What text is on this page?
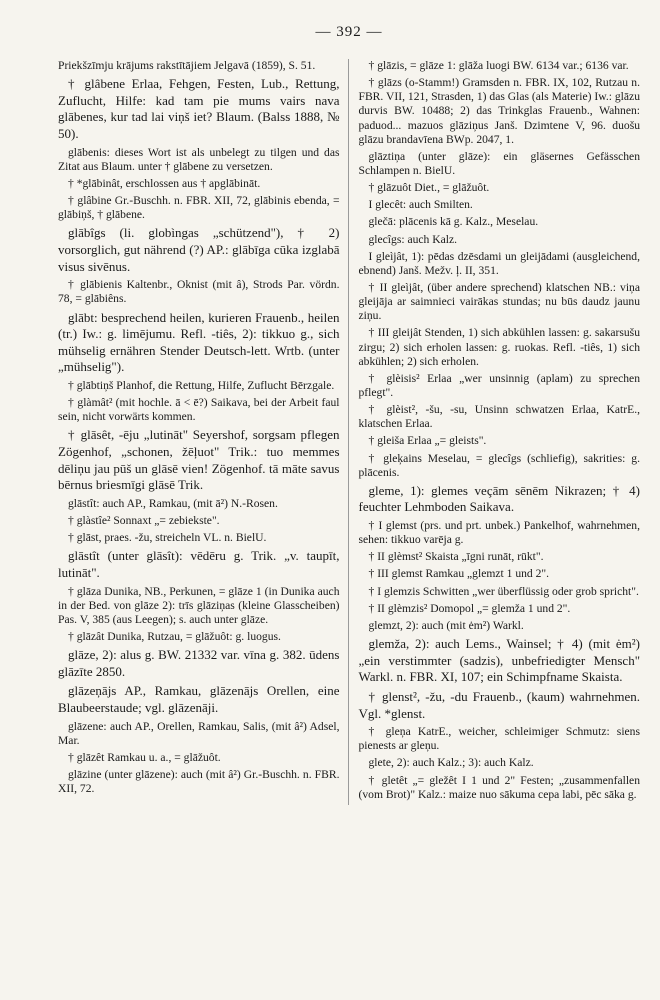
— 392 —

Priekšzīmju krājums rakstītājiem Jelgavā (1859), S. 51.

† glâbene Erlaa, Fehgen, Festen, Lub., Rettung, Zuflucht, Hilfe: kad tam pie mums vairs nava glābenes, kur tad lai viņš iet? Blaum. (Balss 1888, № 50).

glābenis: dieses Wort ist als unbelegt zu tilgen und das Zitat aus Blaum. unter † glābene zu versetzen.

† *glābinât, erschlossen aus † apglābināt.

† glâbine Gr.-Buschh. n. FBR. XII, 72, glābinis ebenda, = glābiņš, † glābene.

glābîgs (li. globìngas „schützend"), † 2) vorsorglich, gut nährend (?) AP.: glābīga cūka izglabā visus sivēnus.

† glābienis Kaltenbr., Oknist (mit â), Strods Par. vördn. 78, = glābiêns.

glābt: besprechend heilen, kurieren Frauenb., heilen (tr.) Iw.: g. limējumu. Refl. -tiês, 2): tikkuo g., sich mühselig ernähren Stender Deutsch-lett. Wrtb. (unter „mühselig").

† glābtiņš Planhof, die Rettung, Hilfe, Zuflucht Bērzgale.

† glàmât² (mit hochle. ā < ē?) Saikava, bei der Arbeit faul sein, nicht vorwärts kommen.

† glāsêt, -ēju „lutināt" Seyershof, sorgsam pflegen Zögenhof, „schonen, žēļuot" Trik.: tuo memmes dēliņu jau pūš un glāsē vien! Zögenhof. tā māte savus bērnus briesmīgi glāsē Trik.

glāstît: auch AP., Ramkau, (mit ā²) N.-Rosen.

† glàstîe² Sonnaxt „= zebiekste".

† glāst, praes. -žu, streicheln VL. n. BielU.

glāstît (unter glāsît): vēdēru g. Trik. „v. taupīt, lutināt".

† glāza Dunika, NB., Perkunen, = glāze 1 (in Dunika auch in der Bed. von glāze 2): trīs glāziņas (kleine Glasscheiben) Pas. V, 385 (aus Leegen); s. auch unter glāze.

† glāzât Dunika, Rutzau, = glāžuôt: g. luogus.

glāze, 2): alus g. BW. 21332 var. vīna g. 382. ūdens glāzīte 2850.

glāzeņājs AP., Ramkau, glāzenājs Orellen, eine Blaubeerstaude; vgl. glāzenāji.

glāzene: auch AP., Orellen, Ramkau, Salis, (mit â²) Adsel, Mar.

† glāzêt Ramkau u. a., = glāžuôt.

glāzine (unter glāzene): auch (mit â²) Gr.-Buschh. n. FBR. XII, 72.

† glāzis, = glāze 1: glāža luogi BW. 6134 var.; 6136 var.

† glāzs (o-Stamm!) Gramsden n. FBR. IX, 102, Rutzau n. FBR. VII, 121, Strasden, 1) das Glas (als Materie) Iw.: glāzu durvis BW. 10488; 2) das Trinkglas Frauenb., Wahnen: paduod... mazuos glāziņus Janš. Dzimtene V, 96. duošu glāzu brandavīena BWp. 2047, 1.

glāztiņa (unter glāze): ein gläsernes Gefässchen Schlampen n. BielU.

† glāzuôt Diet., = glāžuôt.

I glecêt: auch Smilten.

glečā: plācenis kā g. Kalz., Meselau.

glecîgs: auch Kalz.

I gleìjât, 1): pēdas dzēsdami un gleijādami (ausgleichend, ebnend) Janš. Mežv. ļ. II, 351.

† II gleìjât, (über andere sprechend) klatschen NB.: viņa gleijāja ar saimnieci vairākas stundas; nu būs daudz jaunu ziņu.

† III gleijât Stenden, 1) sich abkühlen lassen: g. sakarsušu zirgu; 2) sich erholen lassen: g. ruokas. Refl. -tiês, 1) sich abkühlen; 2) sich erholen.

† glèisis² Erlaa „wer unsinnig (aplam) zu sprechen pflegt".

† glèist², -šu, -su, Unsinn schwatzen Erlaa, KatrE., klatschen Erlaa.

† gleiša Erlaa „= gleists".

† gleķains Meselau, = glecîgs (schliefig), sakrities: g. plācenis.

gleme, 1): glemes veçām sēnēm Nikrazen; † 4) feuchter Lehmboden Saikava.

† I glemst (prs. und prt. unbek.) Pankelhof, wahrnehmen, sehen: tikkuo varēja g.

† II glèmst² Skaista „īgni runāt, rūkt".

† III glemst Ramkau „glemzt 1 und 2".

† I glemzis Schwitten „wer überflüssig oder grob spricht".

† II glèmzis² Domopol „= glemža 1 und 2".

glemzt, 2): auch (mit ėm²) Warkl.

glemža, 2): auch Lems., Wainsel; † 4) (mit ėm²) „ein verstimmter (sadzis), unbefriedigter Mensch" Warkl. n. FBR. XI, 107; ein Schimpfname Skaista.

† glenst², -žu, -du Frauenb., (kaum) wahrnehmen. Vgl. *glenst.

† gleņa KatrE., weicher, schleimiger Schmutz: siens pienests ar gleņu.

glete, 2): auch Kalz.; 3): auch Kalz.

† gletêt „= gležêt I 1 und 2" Festen; „zusammenfallen (vom Brot)" Kalz.: maize nuo sākuma cepa labi, pēc sāka g.
